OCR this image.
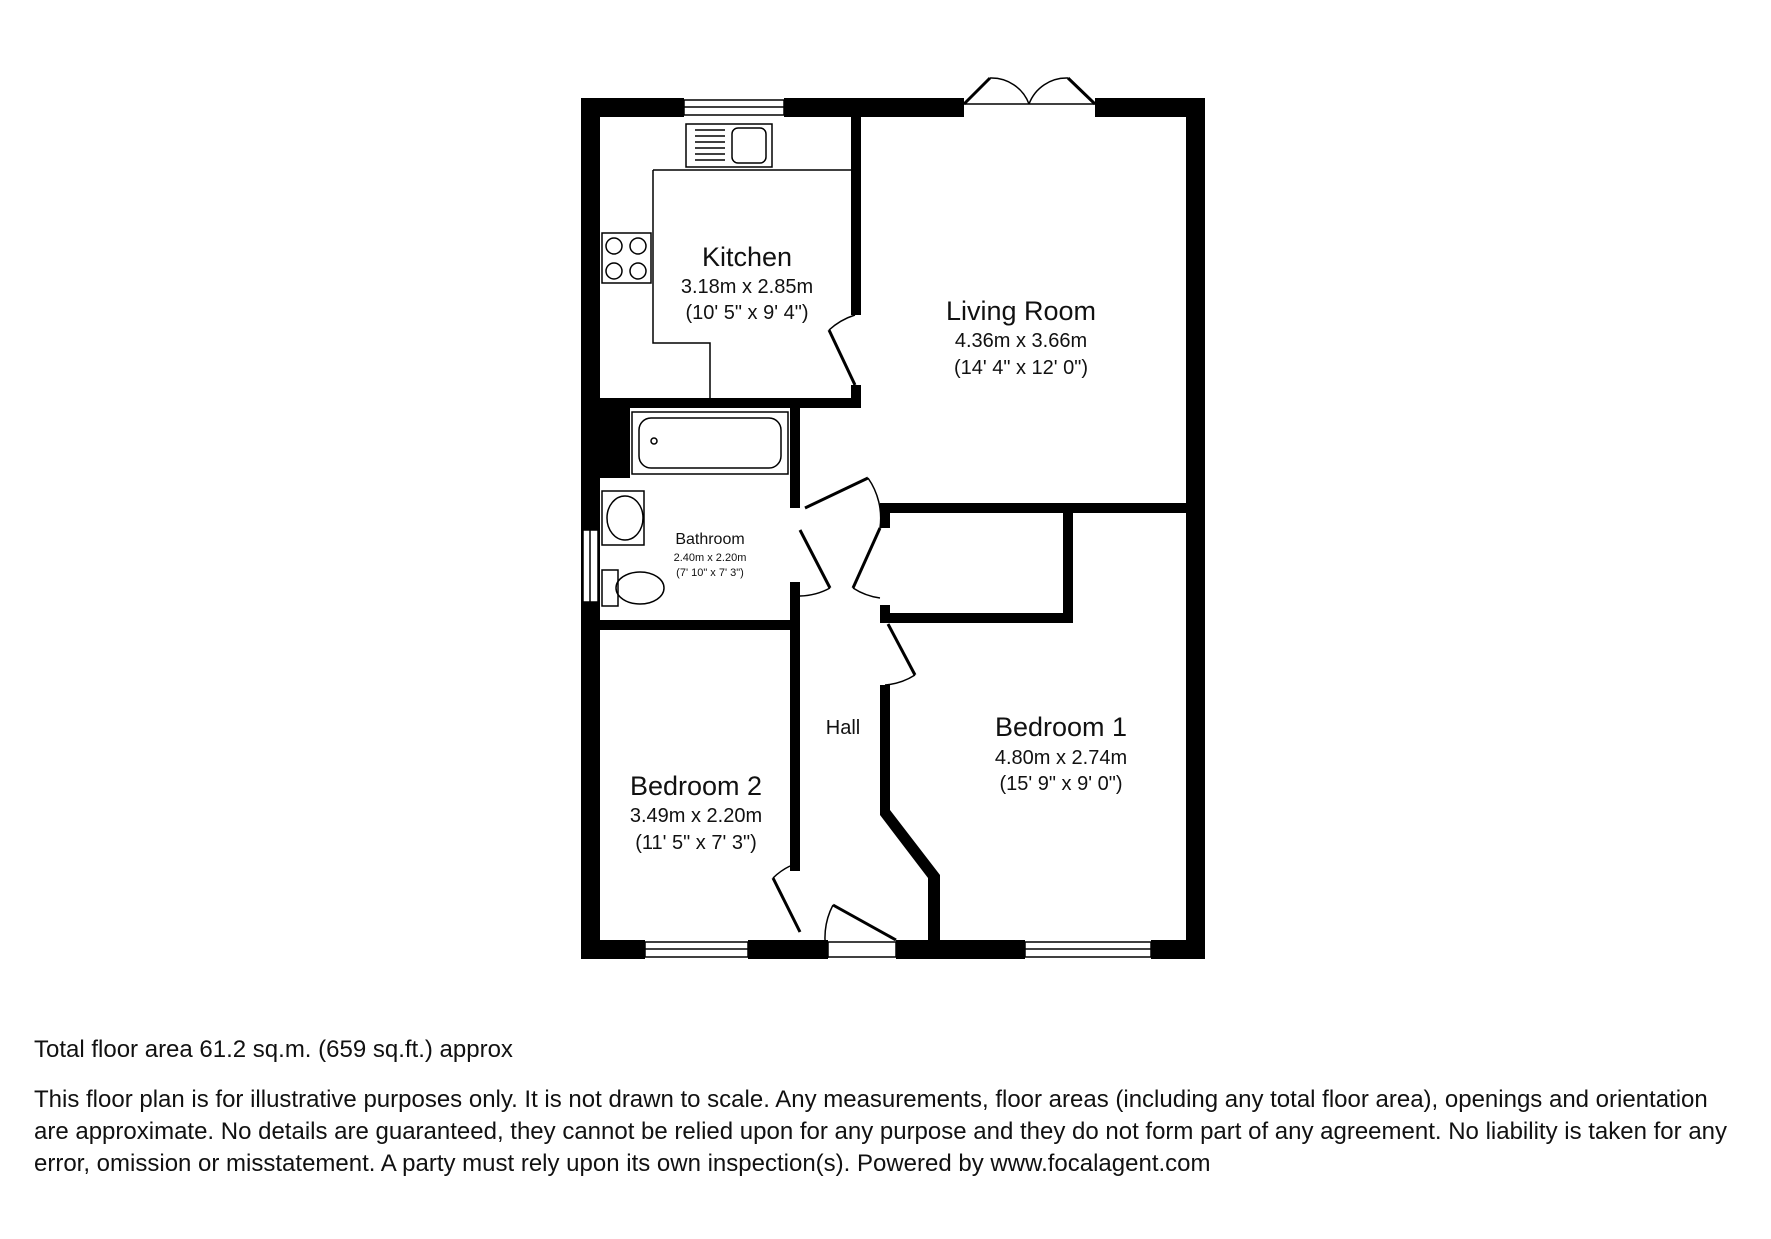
Kitchen
3.18m x 2.85m
(10' 5" x 9' 4")	Living Room
4.36m x 3.66m
(14' 4" x 12' 0")
Bathroom
2.40m x 2.20m
(7' 10" x 7' 3")
Hall	Bedroom 1
4.80m x 2.74m
(15' 9" x 9' 0")
Bedroom 2
3.49m x 2.20m
(11' 5" x 7' 3")

Total floor area 61.2 sq.m. (659 sq.ft.) approx

This floor plan is for illustrative purposes only. It is not drawn to scale. Any measurements, floor areas (including any total floor area), openings and orientation are approximate. No details are guaranteed, they cannot be relied upon for any purpose and they do not form part of any agreement. No liability is taken for any error, omission or misstatement. A party must rely upon its own inspection(s). Powered by www.focalagent.com
